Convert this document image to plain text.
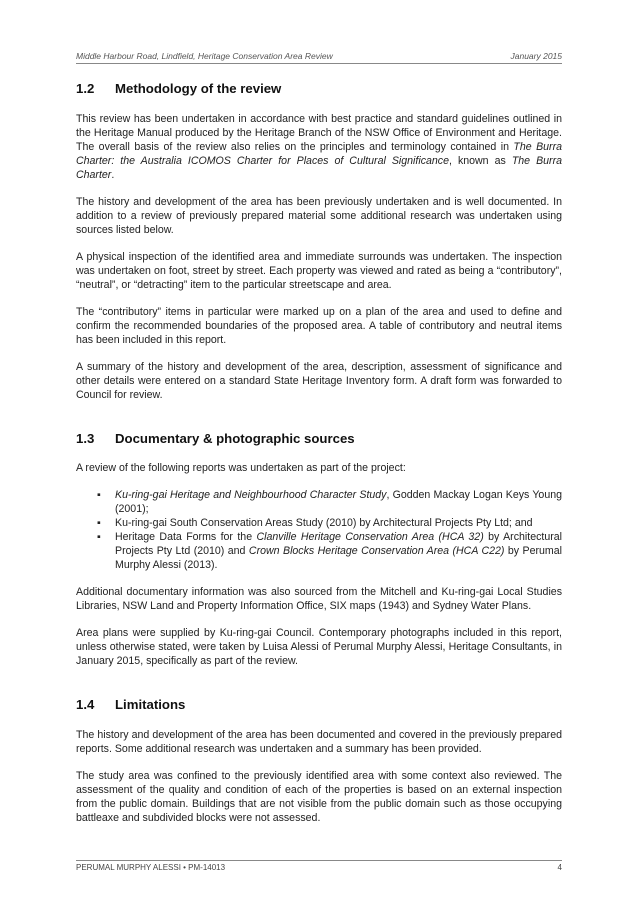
Middle Harbour Road, Lindfield, Heritage Conservation Area Review	January 2015
1.2	Methodology of the review

This review has been undertaken in accordance with best practice and standard guidelines outlined in the Heritage Manual produced by the Heritage Branch of the NSW Office of Environment and Heritage. The overall basis of the review also relies on the principles and terminology contained in The Burra Charter: the Australia ICOMOS Charter for Places of Cultural Significance, known as The Burra Charter.

The history and development of the area has been previously undertaken and is well documented. In addition to a review of previously prepared material some additional research was undertaken using sources listed below.

A physical inspection of the identified area and immediate surrounds was undertaken. The inspection was undertaken on foot, street by street. Each property was viewed and rated as being a “contributory”, “neutral”, or “detracting” item to the particular streetscape and area.

The “contributory” items in particular were marked up on a plan of the area and used to define and confirm the recommended boundaries of the proposed area. A table of contributory and neutral items has been included in this report.

A summary of the history and development of the area, description, assessment of significance and other details were entered on a standard State Heritage Inventory form. A draft form was forwarded to Council for review.

1.3	Documentary & photographic sources

A review of the following reports was undertaken as part of the project:

▪ Ku-ring-gai Heritage and Neighbourhood Character Study, Godden Mackay Logan Keys Young (2001);
▪ Ku-ring-gai South Conservation Areas Study (2010) by Architectural Projects Pty Ltd; and
▪ Heritage Data Forms for the Clanville Heritage Conservation Area (HCA 32) by Architectural Projects Pty Ltd (2010) and Crown Blocks Heritage Conservation Area (HCA C22) by Perumal Murphy Alessi (2013).

Additional documentary information was also sourced from the Mitchell and Ku-ring-gai Local Studies Libraries, NSW Land and Property Information Office, SIX maps (1943) and Sydney Water Plans.

Area plans were supplied by Ku-ring-gai Council. Contemporary photographs included in this report, unless otherwise stated, were taken by Luisa Alessi of Perumal Murphy Alessi, Heritage Consultants, in January 2015, specifically as part of the review.

1.4	Limitations

The history and development of the area has been documented and covered in the previously prepared reports. Some additional research was undertaken and a summary has been provided.

The study area was confined to the previously identified area with some context also reviewed. The assessment of the quality and condition of each of the properties is based on an external inspection from the public domain. Buildings that are not visible from the public domain such as those occupying battleaxe and subdivided blocks were not assessed.

PERUMAL MURPHY ALESSI • PM-14013	4
